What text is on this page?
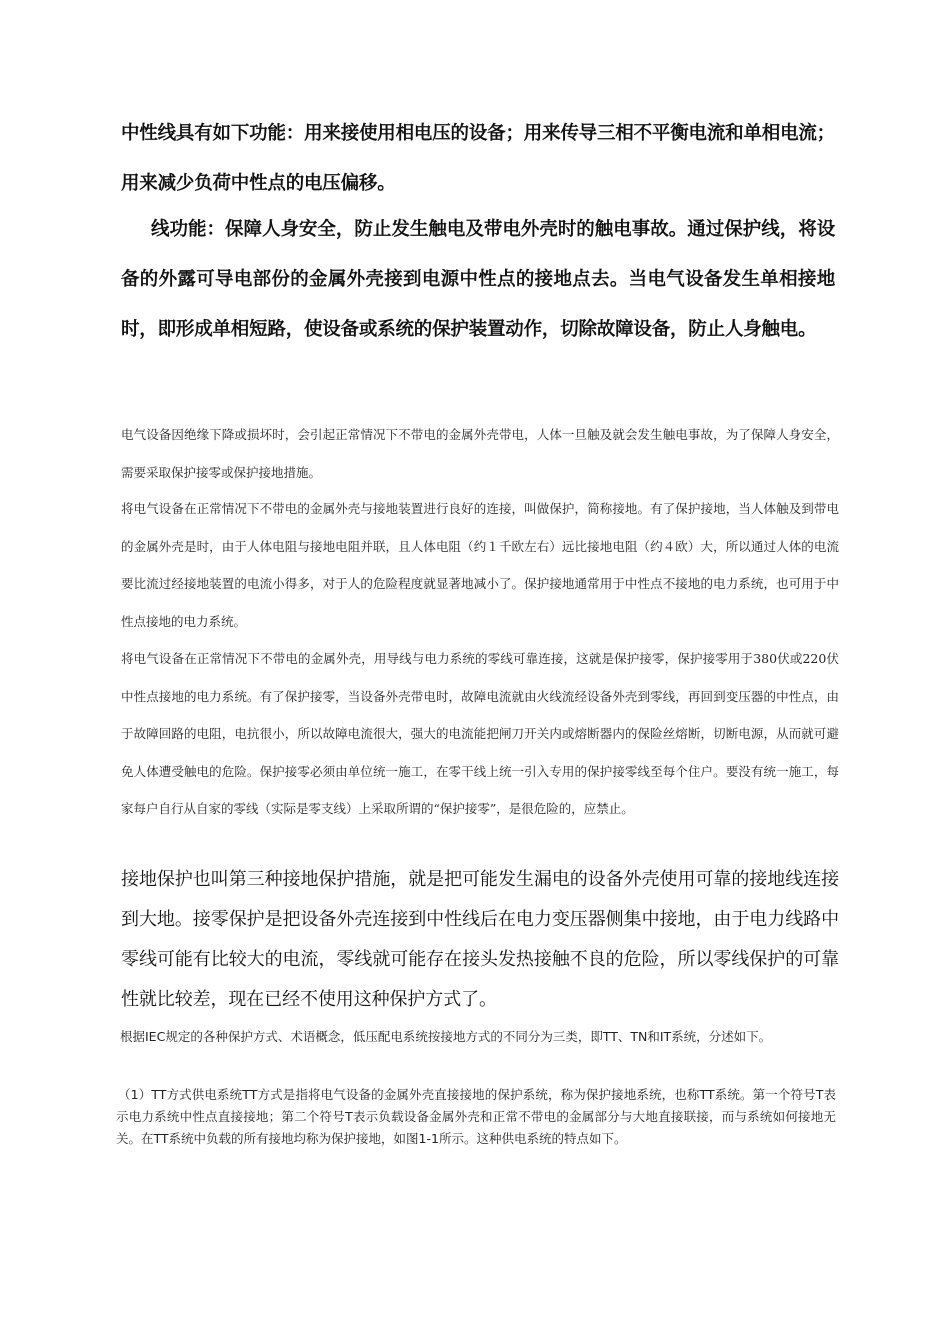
中性线具有如下功能：用来接使用相电压的设备；用来传导三相不平衡电流和单相电流；用来减少负荷中性点的电压偏移。

线功能：保障人身安全，防止发生触电及带电外壳时的触电事故。通过保护线，将设备的外露可导电部份的金属外壳接到电源中性点的接地点去。当电气设备发生单相接地时，即形成单相短路，使设备或系统的保护装置动作，切除故障设备，防止人身触电。

电气设备因绝缘下降或损坏时，会引起正常情况下不带电的金属外壳带电，人体一旦触及就会发生触电事故，为了保障人身安全，需要采取保护接零或保护接地措施。

将电气设备在正常情况下不带电的金属外壳与接地装置进行良好的连接，叫做保护，简称接地。有了保护接地，当人体触及到带电的金属外壳是时，由于人体电阻与接地电阻并联，且人体电阻（约１千欧左右）远比接地电阻（约４欧）大，所以通过人体的电流要比流过经接地装置的电流小得多，对于人的危险程度就显著地减小了。保护接地通常用于中性点不接地的电力系统，也可用于中性点接地的电力系统。

将电气设备在正常情况下不带电的金属外壳，用导线与电力系统的零线可靠连接，这就是保护接零，保护接零用于380伏或220伏中性点接地的电力系统。有了保护接零，当设备外壳带电时，故障电流就由火线流经设备外壳到零线，再回到变压器的中性点，由于故障回路的电阻，电抗很小，所以故障电流很大，强大的电流能把闸刀开关内或熔断器内的保险丝熔断，切断电源，从而就可避免人体遭受触电的危险。保护接零必须由单位统一施工，在零干线上统一引入专用的保护接零线至每个住户。要没有统一施工，每家每户自行从自家的零线（实际是零支线）上采取所谓的“保护接零”，是很危险的，应禁止。

接地保护也叫第三种接地保护措施，就是把可能发生漏电的设备外壳使用可靠的接地线连接到大地。接零保护是把设备外壳连接到中性线后在电力变压器侧集中接地，由于电力线路中零线可能有比较大的电流，零线就可能存在接头发热接触不良的危险，所以零线保护的可靠性就比较差，现在已经不使用这种保护方式了。

根据IEC规定的各种保护方式、术语概念，低压配电系统按接地方式的不同分为三类，即TT、TN和IT系统，分述如下。

（1）TT方式供电系统TT方式是指将电气设备的金属外壳直接接地的保护系统，称为保护接地系统，也称TT系统。第一个符号T表示电力系统中性点直接接地；第二个符号T表示负载设备金属外壳和正常不带电的金属部分与大地直接联接，而与系统如何接地无关。在TT系统中负载的所有接地均称为保护接地，如图1-1所示。这种供电系统的特点如下。
